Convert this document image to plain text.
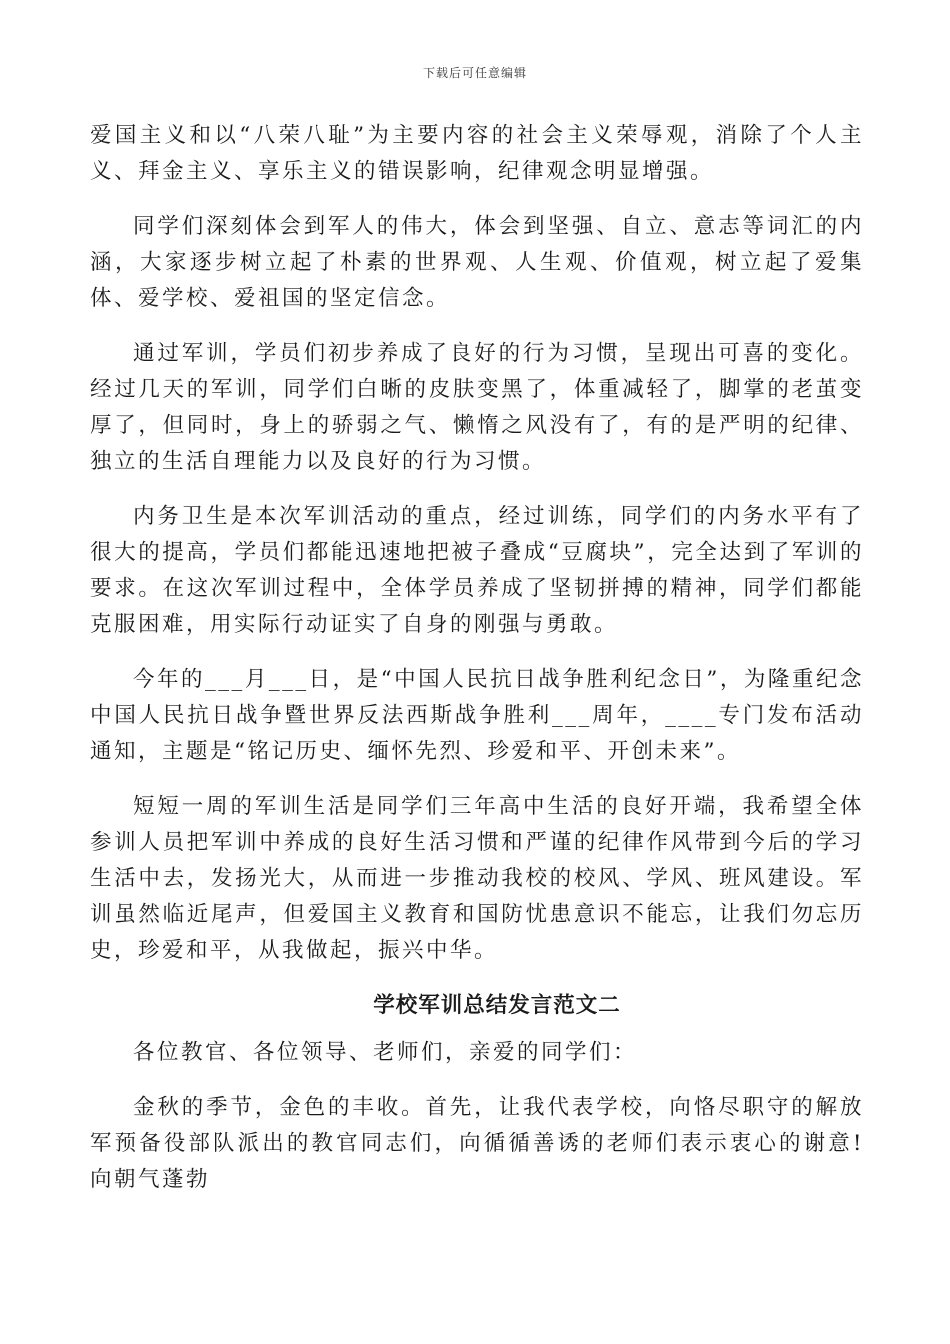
下载后可任意编辑

爱国主义和以“八荣八耻”为主要内容的社会主义荣辱观，消除了个人主义、拜金主义、享乐主义的错误影响，纪律观念明显增强。

同学们深刻体会到军人的伟大，体会到坚强、自立、意志等词汇的内涵，大家逐步树立起了朴素的世界观、人生观、价值观，树立起了爱集体、爱学校、爱祖国的坚定信念。

通过军训，学员们初步养成了良好的行为习惯，呈现出可喜的变化。经过几天的军训，同学们白晰的皮肤变黑了，体重减轻了，脚掌的老茧变厚了，但同时，身上的骄弱之气、懒惰之风没有了，有的是严明的纪律、独立的生活自理能力以及良好的行为习惯。

内务卫生是本次军训活动的重点，经过训练，同学们的内务水平有了很大的提高，学员们都能迅速地把被子叠成“豆腐块”，完全达到了军训的要求。在这次军训过程中，全体学员养成了坚韧拼搏的精神，同学们都能克服困难，用实际行动证实了自身的刚强与勇敢。

今年的___月___日，是“中国人民抗日战争胜利纪念日”，为隆重纪念中国人民抗日战争暨世界反法西斯战争胜利___周年，____专门发布活动通知，主题是“铭记历史、缅怀先烈、珍爱和平、开创未来”。

短短一周的军训生活是同学们三年高中生活的良好开端，我希望全体参训人员把军训中养成的良好生活习惯和严谨的纪律作风带到今后的学习生活中去，发扬光大，从而进一步推动我校的校风、学风、班风建设。军训虽然临近尾声，但爱国主义教育和国防忧患意识不能忘，让我们勿忘历史，珍爱和平，从我做起，振兴中华。

学校军训总结发言范文二

各位教官、各位领导、老师们，亲爱的同学们：

金秋的季节，金色的丰收。首先，让我代表学校，向恪尽职守的解放军预备役部队派出的教官同志们，向循循善诱的老师们表示衷心的谢意!向朝气蓬勃
